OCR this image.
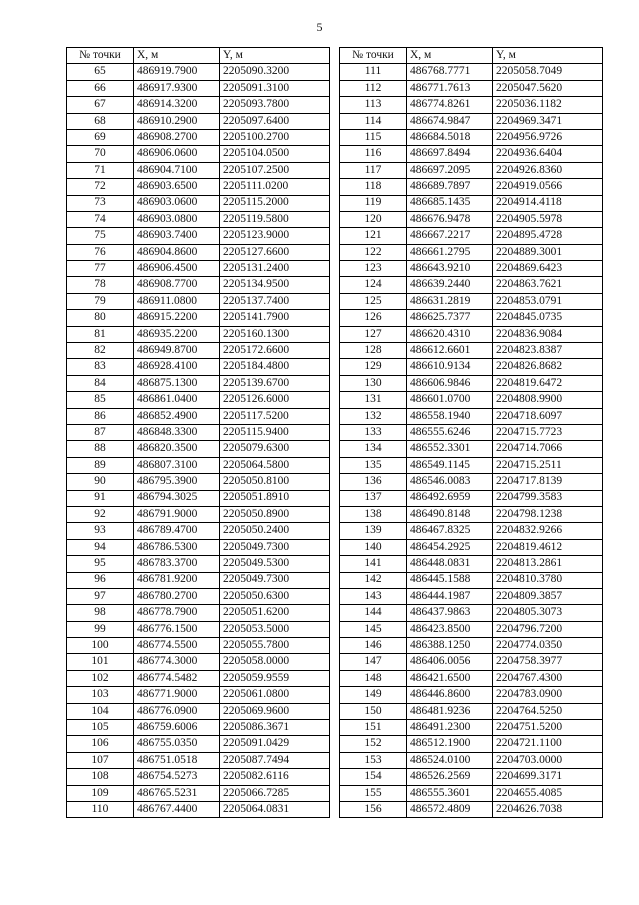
5
№ точки	X, м	Y, м
65	486919.7900	2205090.3200
66	486917.9300	2205091.3100
67	486914.3200	2205093.7800
68	486910.2900	2205097.6400
69	486908.2700	2205100.2700
70	486906.0600	2205104.0500
71	486904.7100	2205107.2500
72	486903.6500	2205111.0200
73	486903.0600	2205115.2000
74	486903.0800	2205119.5800
75	486903.7400	2205123.9000
76	486904.8600	2205127.6600
77	486906.4500	2205131.2400
78	486908.7700	2205134.9500
79	486911.0800	2205137.7400
80	486915.2200	2205141.7900
81	486935.2200	2205160.1300
82	486949.8700	2205172.6600
83	486928.4100	2205184.4800
84	486875.1300	2205139.6700
85	486861.0400	2205126.6000
86	486852.4900	2205117.5200
87	486848.3300	2205115.9400
88	486820.3500	2205079.6300
89	486807.3100	2205064.5800
90	486795.3900	2205050.8100
91	486794.3025	2205051.8910
92	486791.9000	2205050.8900
93	486789.4700	2205050.2400
94	486786.5300	2205049.7300
95	486783.3700	2205049.5300
96	486781.9200	2205049.7300
97	486780.2700	2205050.6300
98	486778.7900	2205051.6200
99	486776.1500	2205053.5000
100	486774.5500	2205055.7800
101	486774.3000	2205058.0000
102	486774.5482	2205059.9559
103	486771.9000	2205061.0800
104	486776.0900	2205069.9600
105	486759.6006	2205086.3671
106	486755.0350	2205091.0429
107	486751.0518	2205087.7494
108	486754.5273	2205082.6116
109	486765.5231	2205066.7285
110	486767.4400	2205064.0831
№ точки	X, м	Y, м
111	486768.7771	2205058.7049
112	486771.7613	2205047.5620
113	486774.8261	2205036.1182
114	486674.9847	2204969.3471
115	486684.5018	2204956.9726
116	486697.8494	2204936.6404
117	486697.2095	2204926.8360
118	486689.7897	2204919.0566
119	486685.1435	2204914.4118
120	486676.9478	2204905.5978
121	486667.2217	2204895.4728
122	486661.2795	2204889.3001
123	486643.9210	2204869.6423
124	486639.2440	2204863.7621
125	486631.2819	2204853.0791
126	486625.7377	2204845.0735
127	486620.4310	2204836.9084
128	486612.6601	2204823.8387
129	486610.9134	2204826.8682
130	486606.9846	2204819.6472
131	486601.0700	2204808.9900
132	486558.1940	2204718.6097
133	486555.6246	2204715.7723
134	486552.3301	2204714.7066
135	486549.1145	2204715.2511
136	486546.0083	2204717.8139
137	486492.6959	2204799.3583
138	486490.8148	2204798.1238
139	486467.8325	2204832.9266
140	486454.2925	2204819.4612
141	486448.0831	2204813.2861
142	486445.1588	2204810.3780
143	486444.1987	2204809.3857
144	486437.9863	2204805.3073
145	486423.8500	2204796.7200
146	486388.1250	2204774.0350
147	486406.0056	2204758.3977
148	486421.6500	2204767.4300
149	486446.8600	2204783.0900
150	486481.9236	2204764.5250
151	486491.2300	2204751.5200
152	486512.1900	2204721.1100
153	486524.0100	2204703.0000
154	486526.2569	2204699.3171
155	486555.3601	2204655.4085
156	486572.4809	2204626.7038
